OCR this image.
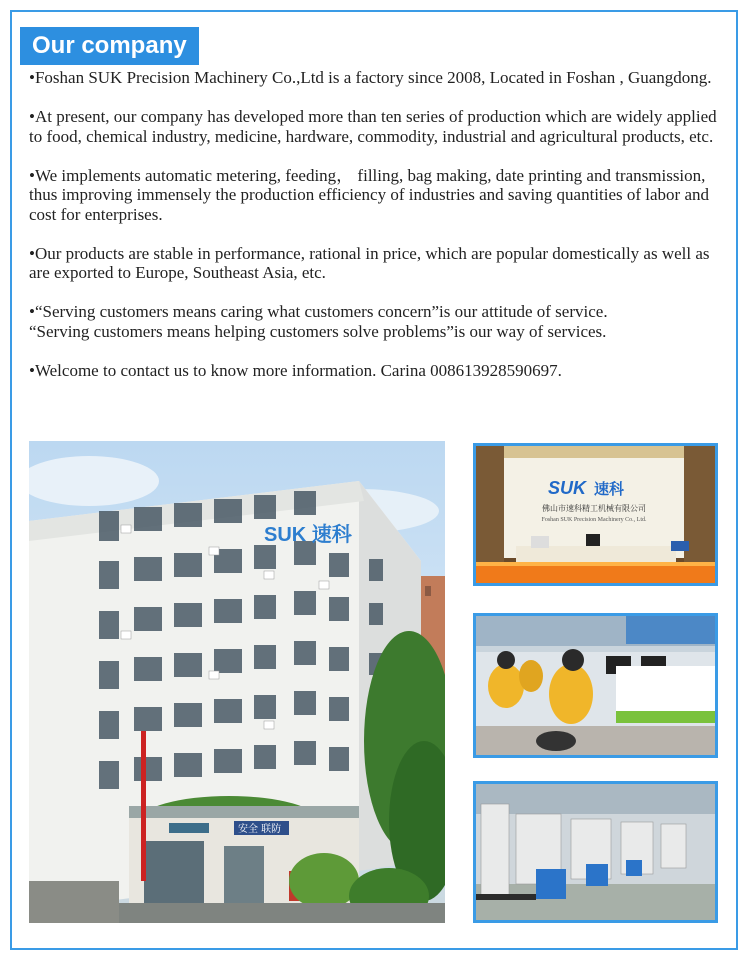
Our company

•Foshan SUK Precision Machinery Co.,Ltd is a factory since 2008, Located in Foshan , Guangdong.

•At present, our company has developed more than ten series of production which are widely applied to food, chemical industry, medicine, hardware, commodity, industrial and agricultural products, etc.

•We implements automatic metering, feeding， filling, bag making, date printing and transmission, thus improving immensely the production efficiency of industries and saving quantities of labor and cost for enterprises.

•Our products are stable in performance, rational in price, which are popular domestically as well as are exported to Europe, Southeast Asia, etc.

•“Serving customers means caring what customers concern”is our attitude of service.

“Serving customers means helping customers solve problems”is our way of services.

•Welcome to contact us to know more information. Carina 008613928590697.

SUK 速科
安全 联防
SUK 速科
佛山市速科精工机械有限公司
Foshan SUK Precision Machinery Co., Ltd.
